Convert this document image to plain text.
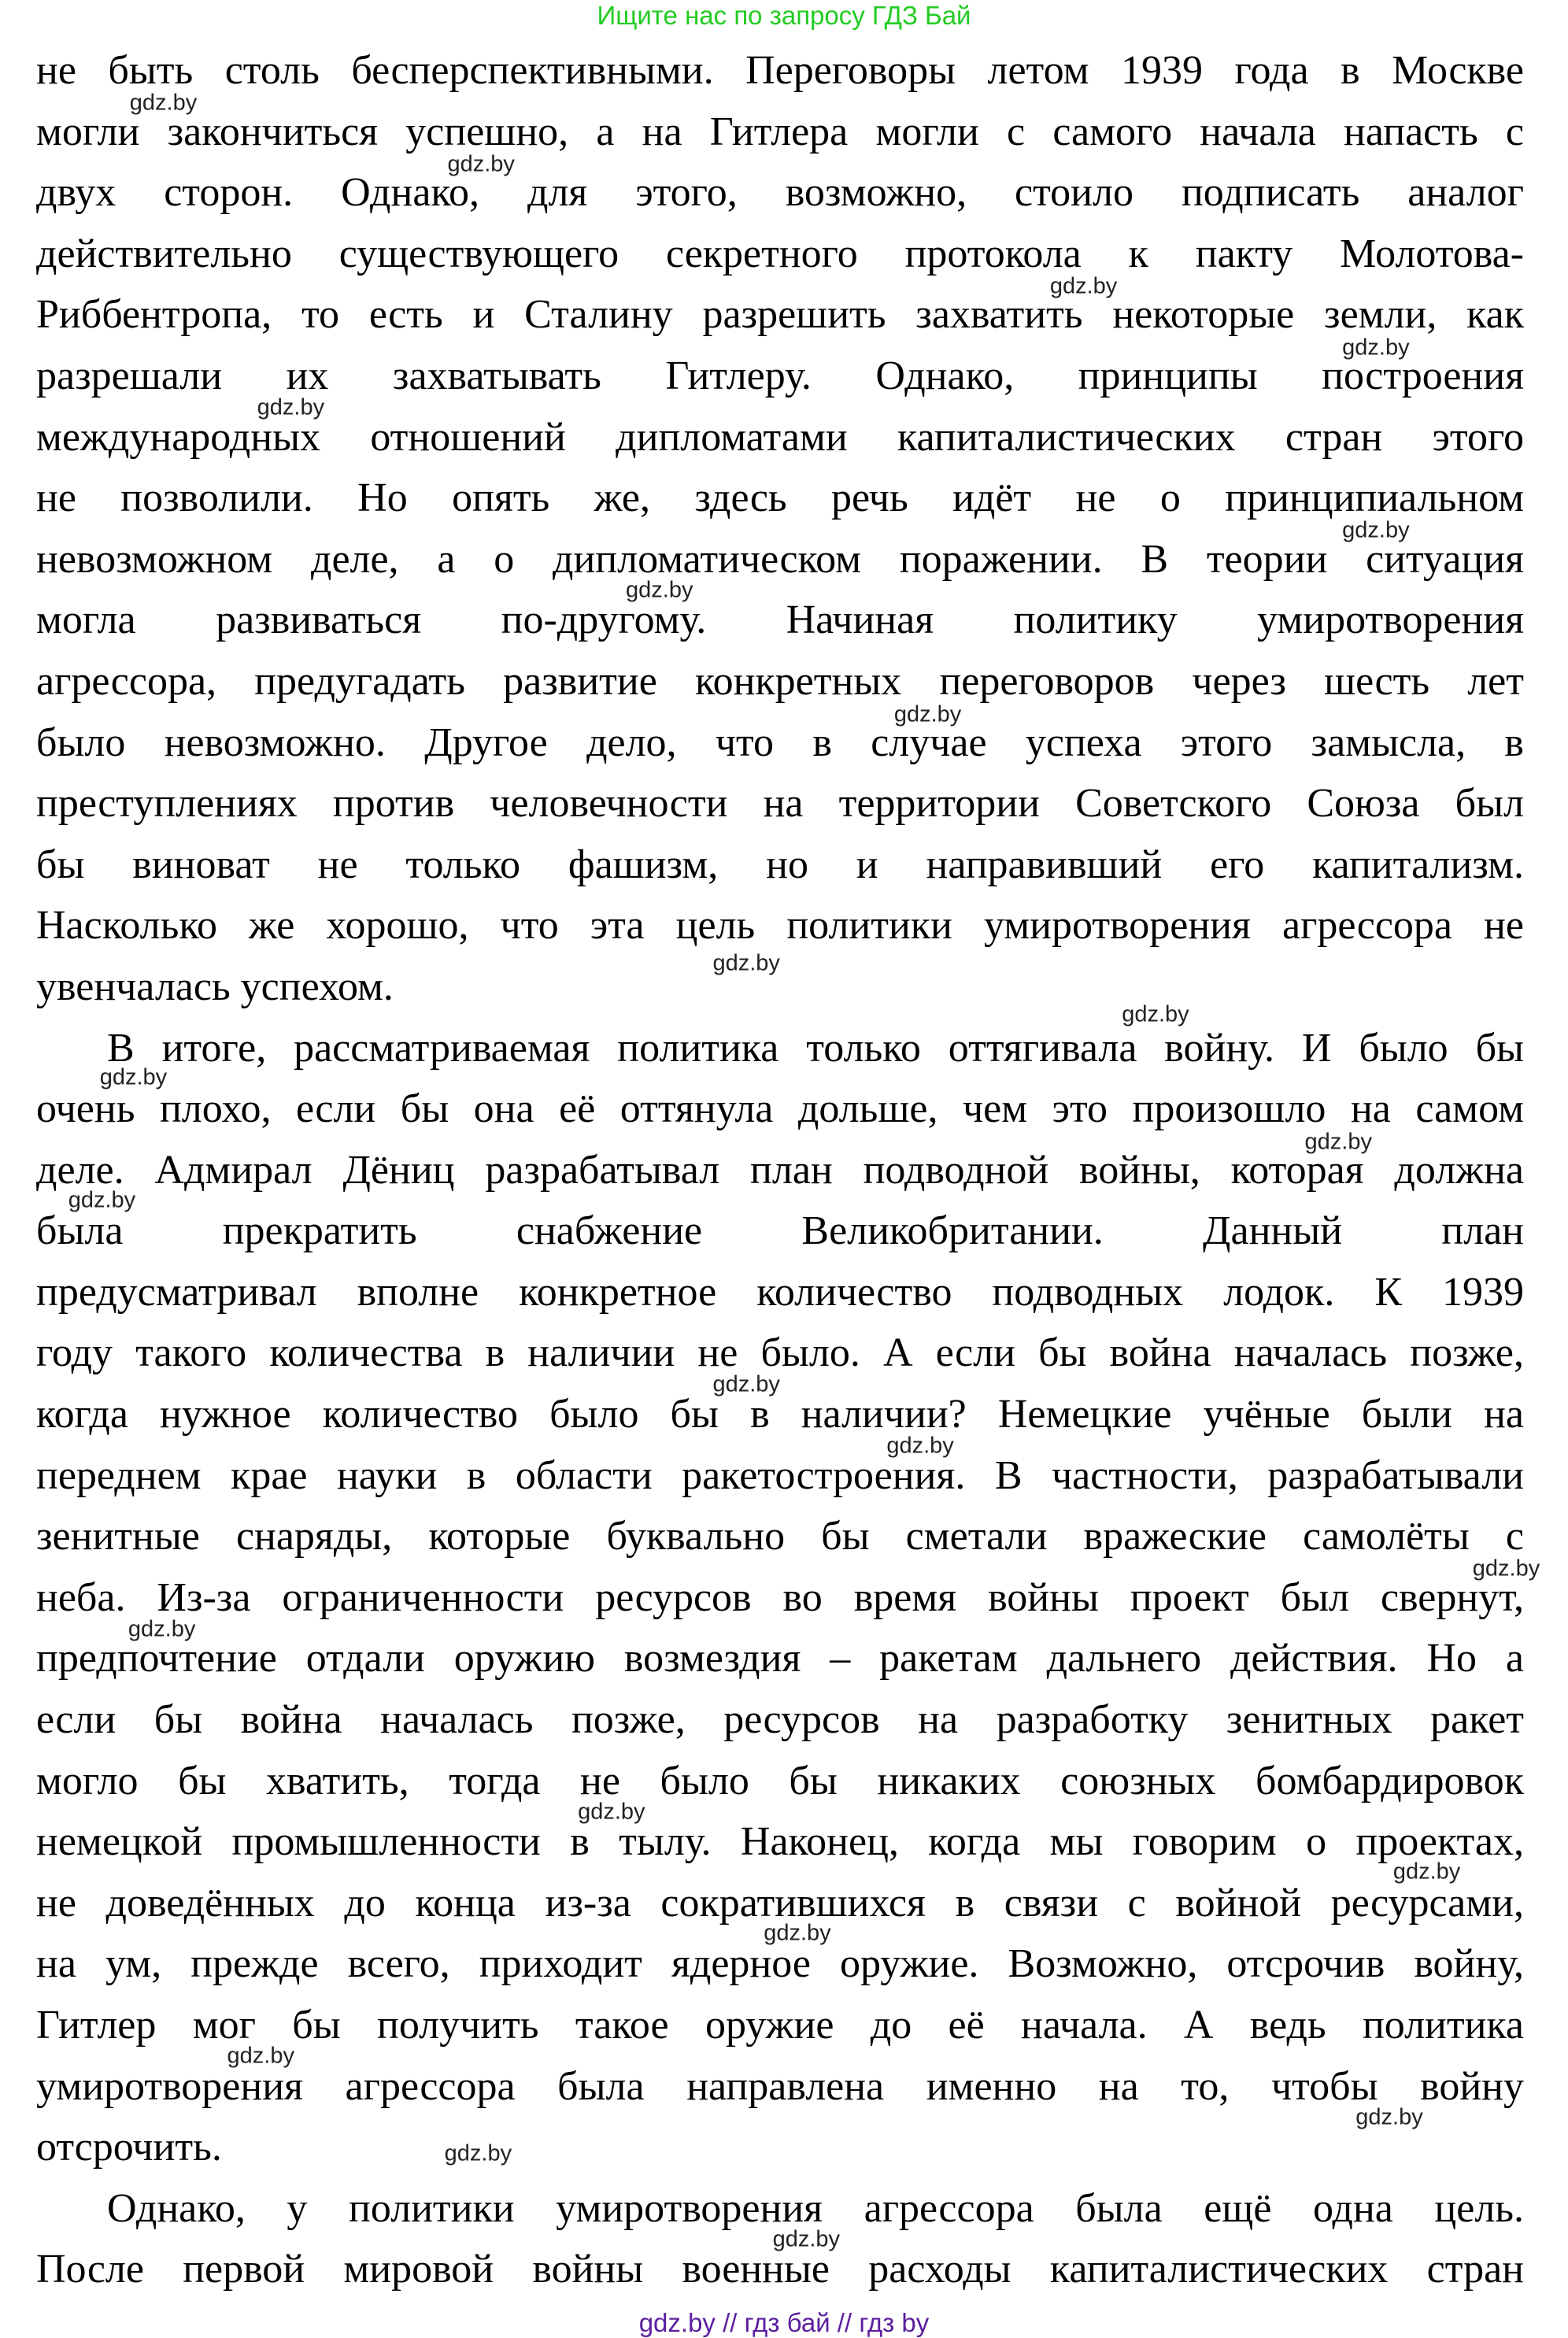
Ищите нас по запросу ГДЗ Бай
не быть столь бесперспективными. Переговоры летом 1939 года в Москве
могли закончиться успешно, а на Гитлера могли с самого начала напасть с
двух сторон. Однако, для этого, возможно, стоило подписать аналог
действительно существующего секретного протокола к пакту Молотова-
Риббентропа, то есть и Сталину разрешить захватить некоторые земли, как
разрешали их захватывать Гитлеру. Однако, принципы построения
международных отношений дипломатами капиталистических стран этого
не позволили. Но опять же, здесь речь идёт не о принципиальном
невозможном деле, а о дипломатическом поражении. В теории ситуация
могла развиваться по-другому. Начиная политику умиротворения
агрессора, предугадать развитие конкретных переговоров через шесть лет
было невозможно. Другое дело, что в случае успеха этого замысла, в
преступлениях против человечности на территории Советского Союза был
бы виноват не только фашизм, но и направивший его капитализм.
Насколько же хорошо, что эта цель политики умиротворения агрессора не
увенчалась успехом.
В итоге, рассматриваемая политика только оттягивала войну. И было бы
очень плохо, если бы она её оттянула дольше, чем это произошло на самом
деле. Адмирал Дёниц разрабатывал план подводной войны, которая должна
была прекратить снабжение Великобритании. Данный план
предусматривал вполне конкретное количество подводных лодок. К 1939
году такого количества в наличии не было. А если бы война началась позже,
когда нужное количество было бы в наличии? Немецкие учёные были на
переднем крае науки в области ракетостроения. В частности, разрабатывали
зенитные снаряды, которые буквально бы сметали вражеские самолёты с
неба. Из-за ограниченности ресурсов во время войны проект был свернут,
предпочтение отдали оружию возмездия – ракетам дальнего действия. Но а
если бы война началась позже, ресурсов на разработку зенитных ракет
могло бы хватить, тогда не было бы никаких союзных бомбардировок
немецкой промышленности в тылу. Наконец, когда мы говорим о проектах,
не доведённых до конца из-за сократившихся в связи с войной ресурсами,
на ум, прежде всего, приходит ядерное оружие. Возможно, отсрочив войну,
Гитлер мог бы получить такое оружие до её начала. А ведь политика
умиротворения агрессора была направлена именно на то, чтобы войну
отсрочить.
Однако, у политики умиротворения агрессора была ещё одна цель.
После первой мировой войны военные расходы капиталистических стран
gdz.by
gdz.by
gdz.by
gdz.by
gdz.by
gdz.by
gdz.by
gdz.by
gdz.by
gdz.by
gdz.by
gdz.by
gdz.by
gdz.by
gdz.by
gdz.by
gdz.by
gdz.by
gdz.by
gdz.by
gdz.by
gdz.by
gdz.by
gdz.by
gdz.by // гдз бай // гдз by
